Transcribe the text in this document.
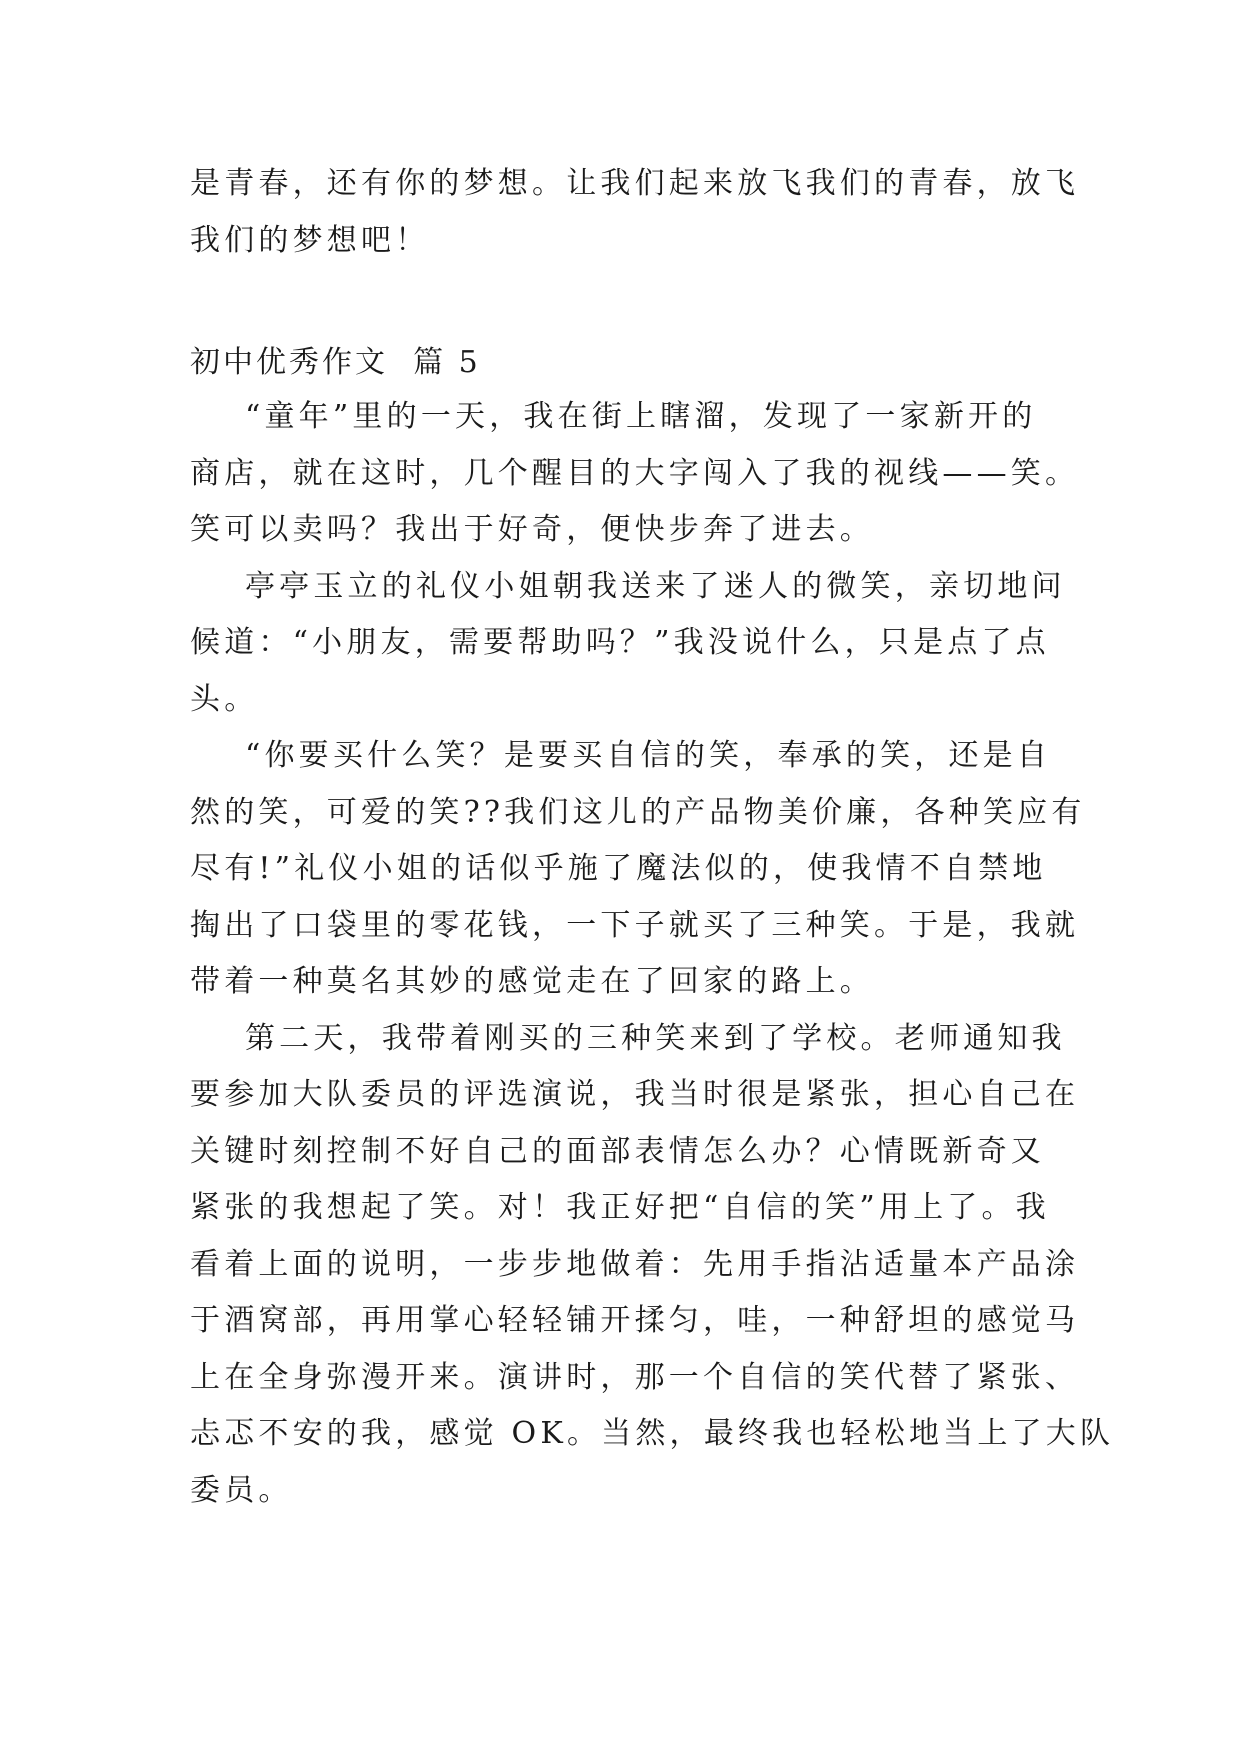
是青春，还有你的梦想。让我们起来放飞我们的青春，放飞
我们的梦想吧！
初中优秀作文  篇 5
“童年”里的一天，我在街上瞎溜，发现了一家新开的
商店，就在这时，几个醒目的大字闯入了我的视线——笑。
笑可以卖吗？我出于好奇，便快步奔了进去。
亭亭玉立的礼仪小姐朝我送来了迷人的微笑，亲切地问
候道：“小朋友，需要帮助吗？”我没说什么，只是点了点
头。
“你要买什么笑？是要买自信的笑，奉承的笑，还是自
然的笑，可爱的笑??我们这儿的产品物美价廉，各种笑应有
尽有!”礼仪小姐的话似乎施了魔法似的，使我情不自禁地
掏出了口袋里的零花钱，一下子就买了三种笑。于是，我就
带着一种莫名其妙的感觉走在了回家的路上。
第二天，我带着刚买的三种笑来到了学校。老师通知我
要参加大队委员的评选演说，我当时很是紧张，担心自己在
关键时刻控制不好自己的面部表情怎么办？心情既新奇又
紧张的我想起了笑。对！我正好把“自信的笑”用上了。我
看着上面的说明，一步步地做着：先用手指沾适量本产品涂
于酒窝部，再用掌心轻轻铺开揉匀，哇，一种舒坦的感觉马
上在全身弥漫开来。演讲时，那一个自信的笑代替了紧张、
忐忑不安的我，感觉 OK。当然，最终我也轻松地当上了大队
委员。
